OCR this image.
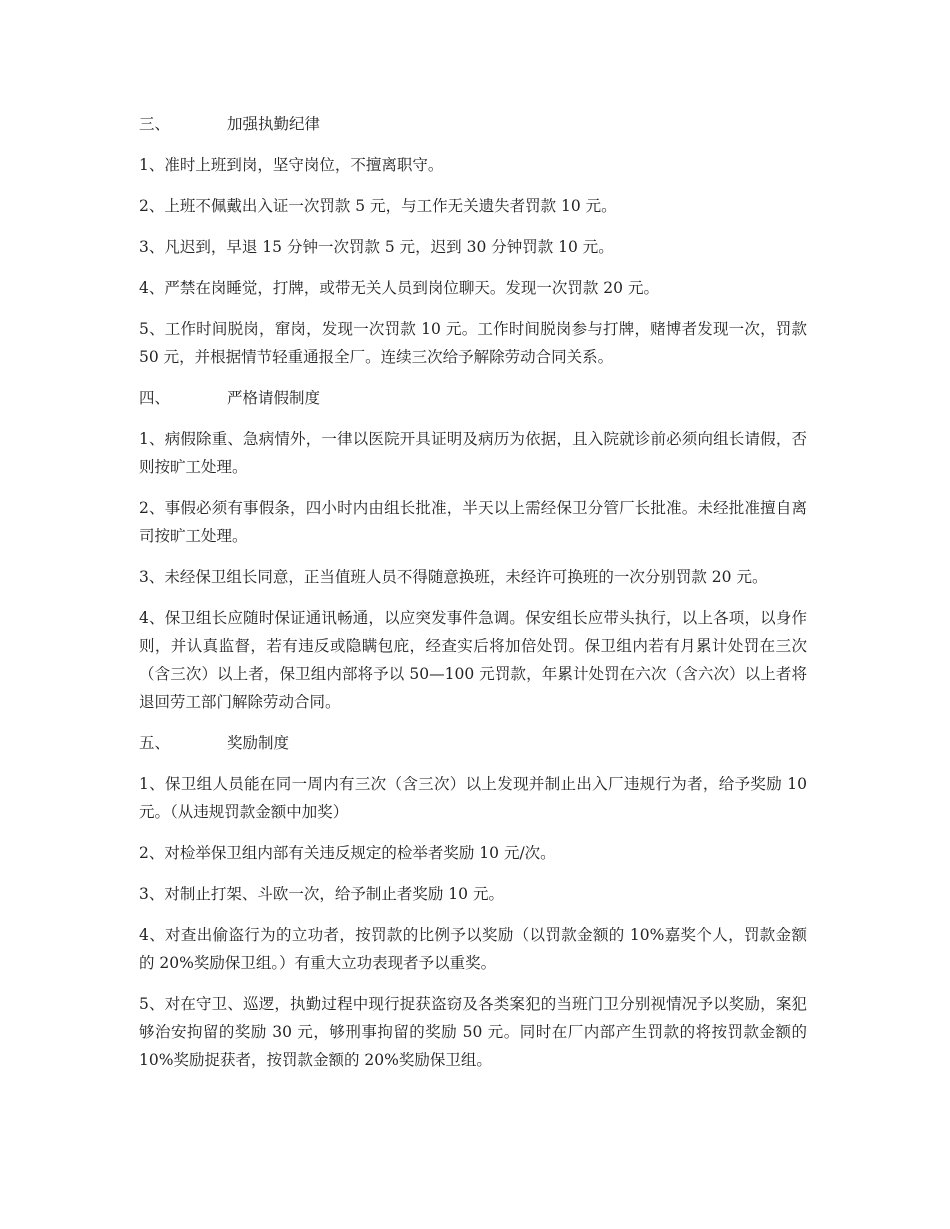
三、	加强执勤纪律

1、准时上班到岗，坚守岗位，不擅离职守。

2、上班不佩戴出入证一次罚款 5 元，与工作无关遗失者罚款 10 元。

3、凡迟到，早退 15 分钟一次罚款 5 元，迟到 30 分钟罚款 10 元。

4、严禁在岗睡觉，打牌，或带无关人员到岗位聊天。发现一次罚款 20 元。

5、工作时间脱岗，窜岗，发现一次罚款 10 元。工作时间脱岗参与打牌，赌博者发现一次，罚款 50 元，并根据情节轻重通报全厂。连续三次给予解除劳动合同关系。

四、	严格请假制度

1、病假除重、急病情外，一律以医院开具证明及病历为依据，且入院就诊前必须向组长请假，否则按旷工处理。

2、事假必须有事假条，四小时内由组长批准，半天以上需经保卫分管厂长批准。未经批准擅自离司按旷工处理。

3、未经保卫组长同意，正当值班人员不得随意换班，未经许可换班的一次分别罚款 20 元。

4、保卫组长应随时保证通讯畅通，以应突发事件急调。保安组长应带头执行，以上各项，以身作则，并认真监督，若有违反或隐瞒包庇，经查实后将加倍处罚。保卫组内若有月累计处罚在三次（含三次）以上者，保卫组内部将予以 50—100 元罚款，年累计处罚在六次（含六次）以上者将退回劳工部门解除劳动合同。

五、	奖励制度

1、保卫组人员能在同一周内有三次（含三次）以上发现并制止出入厂违规行为者，给予奖励 10 元。（从违规罚款金额中加奖）

2、对检举保卫组内部有关违反规定的检举者奖励 10 元/次。

3、对制止打架、斗欧一次，给予制止者奖励 10 元。

4、对查出偷盗行为的立功者，按罚款的比例予以奖励（以罚款金额的 10%嘉奖个人，罚款金额的 20%奖励保卫组。）有重大立功表现者予以重奖。

5、对在守卫、巡逻，执勤过程中现行捉获盗窃及各类案犯的当班门卫分别视情况予以奖励，案犯够治安拘留的奖励 30 元，够刑事拘留的奖励 50 元。同时在厂内部产生罚款的将按罚款金额的 10%奖励捉获者，按罚款金额的 20%奖励保卫组。
